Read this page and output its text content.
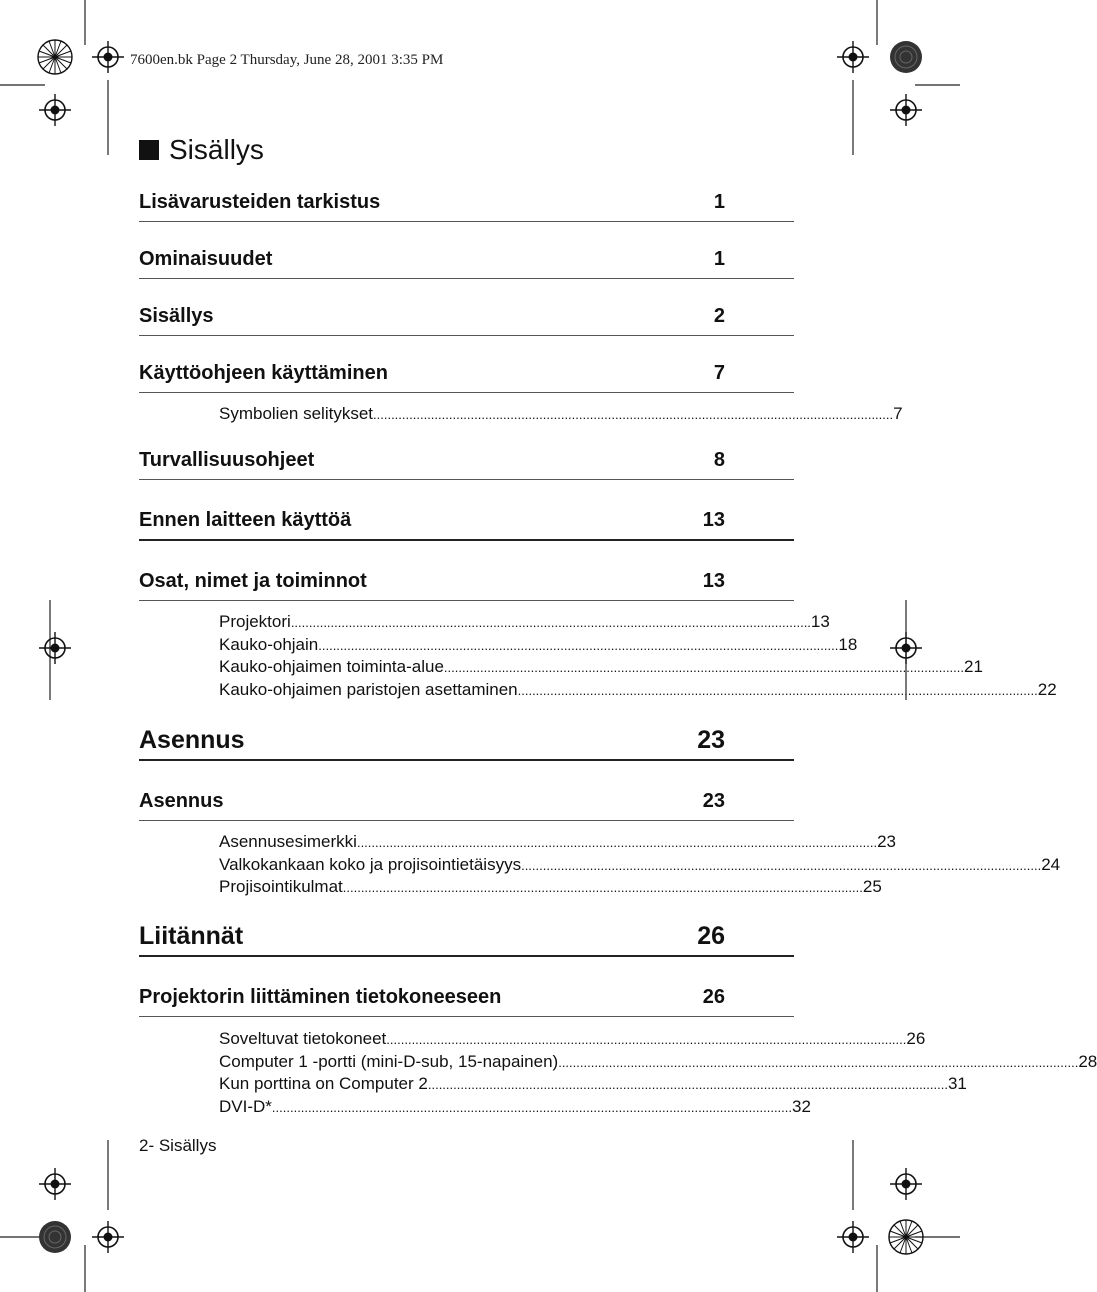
7600en.bk Page 2 Thursday, June 28, 2001 3:35 PM
Sisällys
Lisävarusteiden tarkistus	1
Ominaisuudet	1
Sisällys	2
Käyttöohjeen käyttäminen	7
Symbolien selitykset ................................................................................................................................................ 7
Turvallisuusohjeet	8
Ennen laitteen käyttöä	13
Osat, nimet ja toiminnot	13
Projektori ................................................................................................................................................ 13
Kauko-ohjain ................................................................................................................................................ 18
Kauko-ohjaimen toiminta-alue ................................................................................................................................................ 21
Kauko-ohjaimen paristojen asettaminen ................................................................................................................................................ 22
Asennus	23
Asennus	23
Asennusesimerkki ................................................................................................................................................ 23
Valkokankaan koko ja projisointietäisyys ................................................................................................................................................ 24
Projisointikulmat ................................................................................................................................................ 25
Liitännät	26
Projektorin liittäminen tietokoneeseen	26
Soveltuvat tietokoneet ................................................................................................................................................ 26
Computer 1 -portti (mini-D-sub, 15-napainen) ................................................................................................................................................ 28
Kun porttina on Computer 2 ................................................................................................................................................ 31
DVI-D* ................................................................................................................................................ 32
2- Sisällys
